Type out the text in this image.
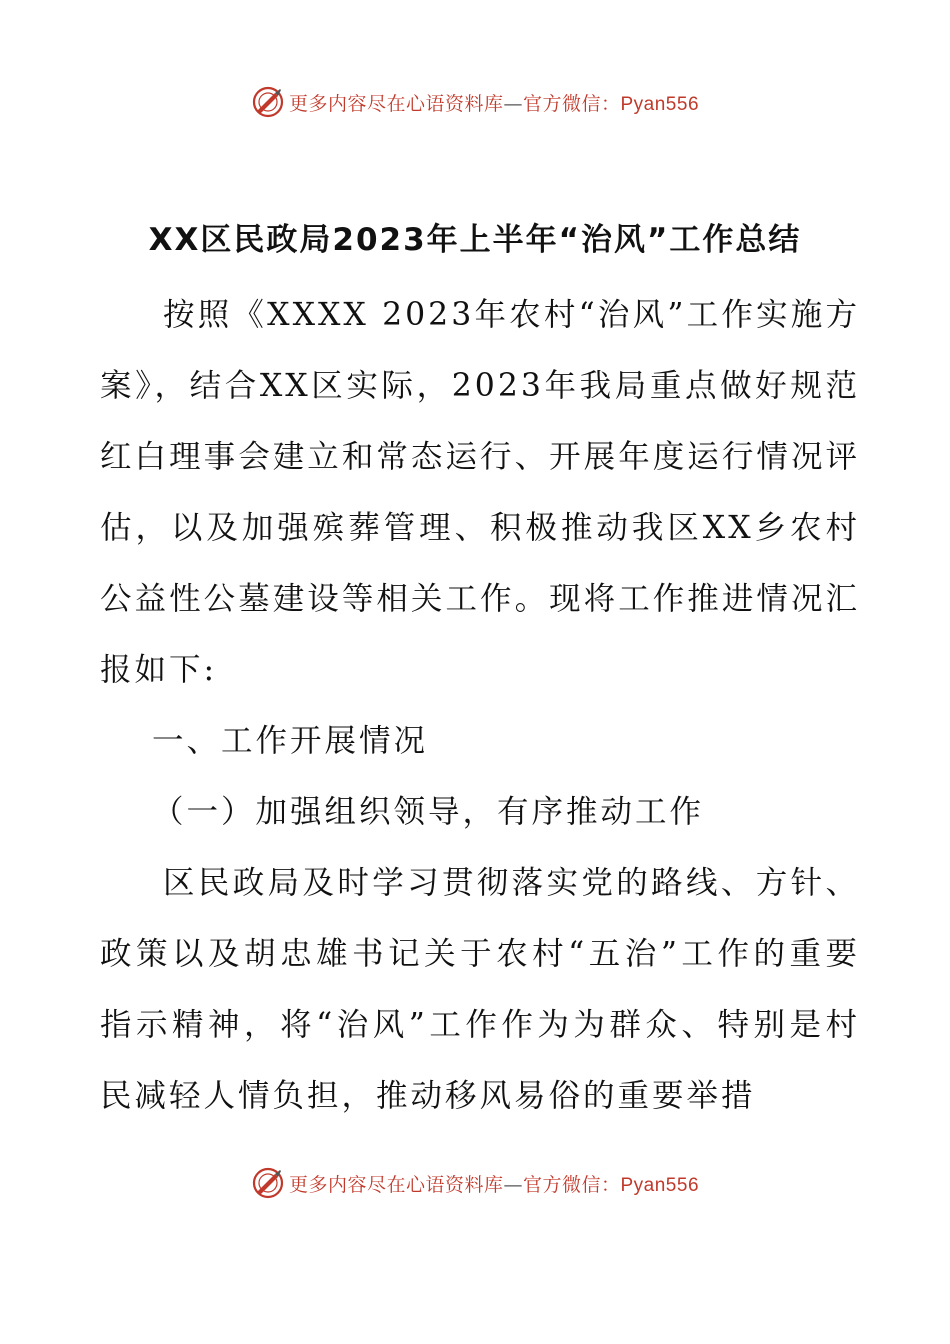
更多内容尽在心语资料库—官方微信：Pyan556
XX区民政局2023年上半年“治风”工作总结

按照《XXXX 2023年农村“治风”工作实施方案》，结合XX区实际，2023年我局重点做好规范红白理事会建立和常态运行、开展年度运行情况评估，以及加强殡葬管理、积极推动我区XX乡农村公益性公墓建设等相关工作。现将工作推进情况汇报如下:

一、工作开展情况

（一）加强组织领导，有序推动工作

区民政局及时学习贯彻落实党的路线、方针、政策以及胡忠雄书记关于农村“五治”工作的重要指示精神，将“治风”工作作为为群众、特别是村民减轻人情负担，推动移风易俗的重要举措

更多内容尽在心语资料库—官方微信：Pyan556
